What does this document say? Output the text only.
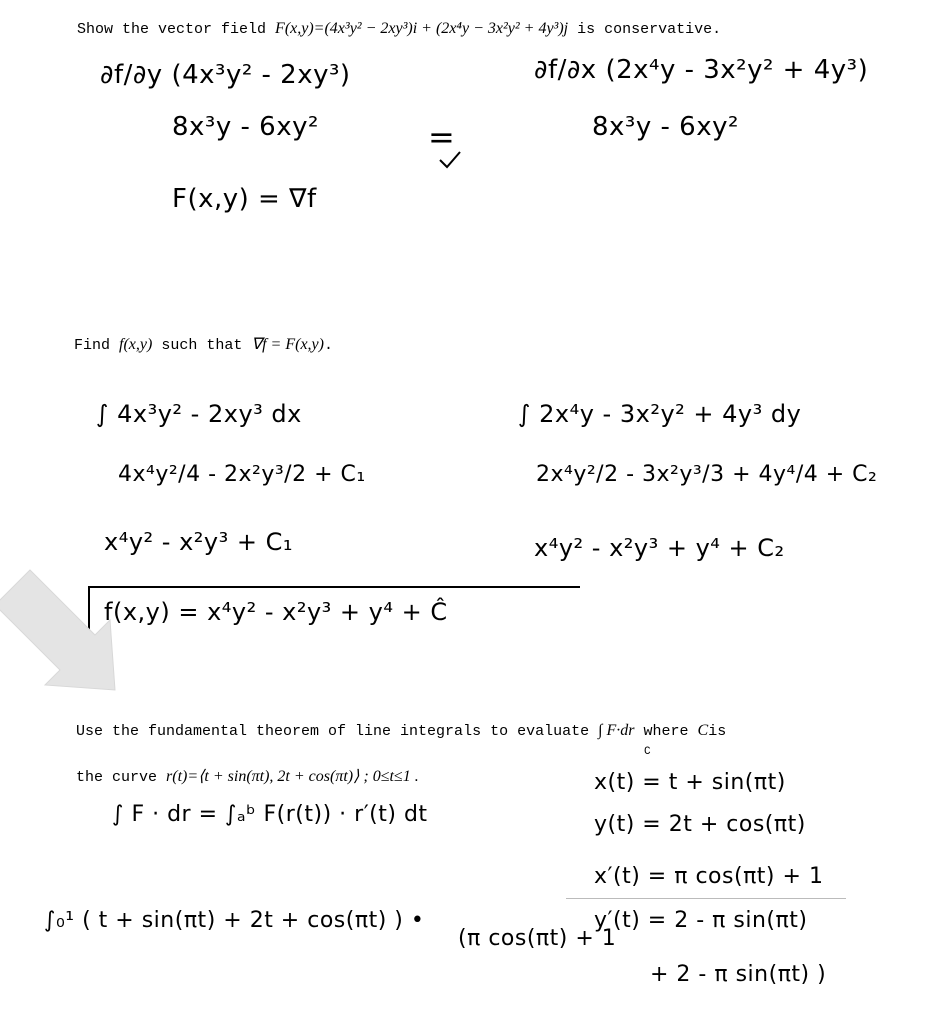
Show the vector field F(x,y)=(4x³y² − 2xy³)i + (2x⁴y − 3x²y² + 4y³)j is conservative.
∂f/∂y (4x³y² - 2xy³)
8x³y - 6xy²	=
∂f/∂x (2x⁴y - 3x²y² + 4y³)
8x³y - 6xy²
F(x,y) = ∇f
Find f(x,y) such that ∇f = F(x,y).
∫ 4x³y² - 2xy³ dx
4x⁴y²/4 - 2x²y³/2 + C₁
x⁴y² - x²y³ + C₁
∫ 2x⁴y - 3x²y² + 4y³ dy
2x⁴y²/2 - 3x²y³/3 + 4y⁴/4 + C₂
x⁴y² - x²y³ + y⁴ + C₂
f(x,y) = x⁴y² - x²y³ + y⁴ + Ĉ
Use the fundamental theorem of line integrals to evaluate ∫ F·dr where Cis
C
the curve r(t)=⟨t + sin(πt), 2t + cos(πt)⟩ ; 0≤t≤1 .
∫ F · dr = ∫ₐᵇ F(r(t)) · r′(t) dt
x(t) = t + sin(πt)
y(t) = 2t + cos(πt)
x′(t) = π cos(πt) + 1
y′(t) = 2 - π sin(πt)
∫₀¹ ( t + sin(πt) + 2t + cos(πt) ) •
(π cos(πt) + 1
+ 2 - π sin(πt) )
